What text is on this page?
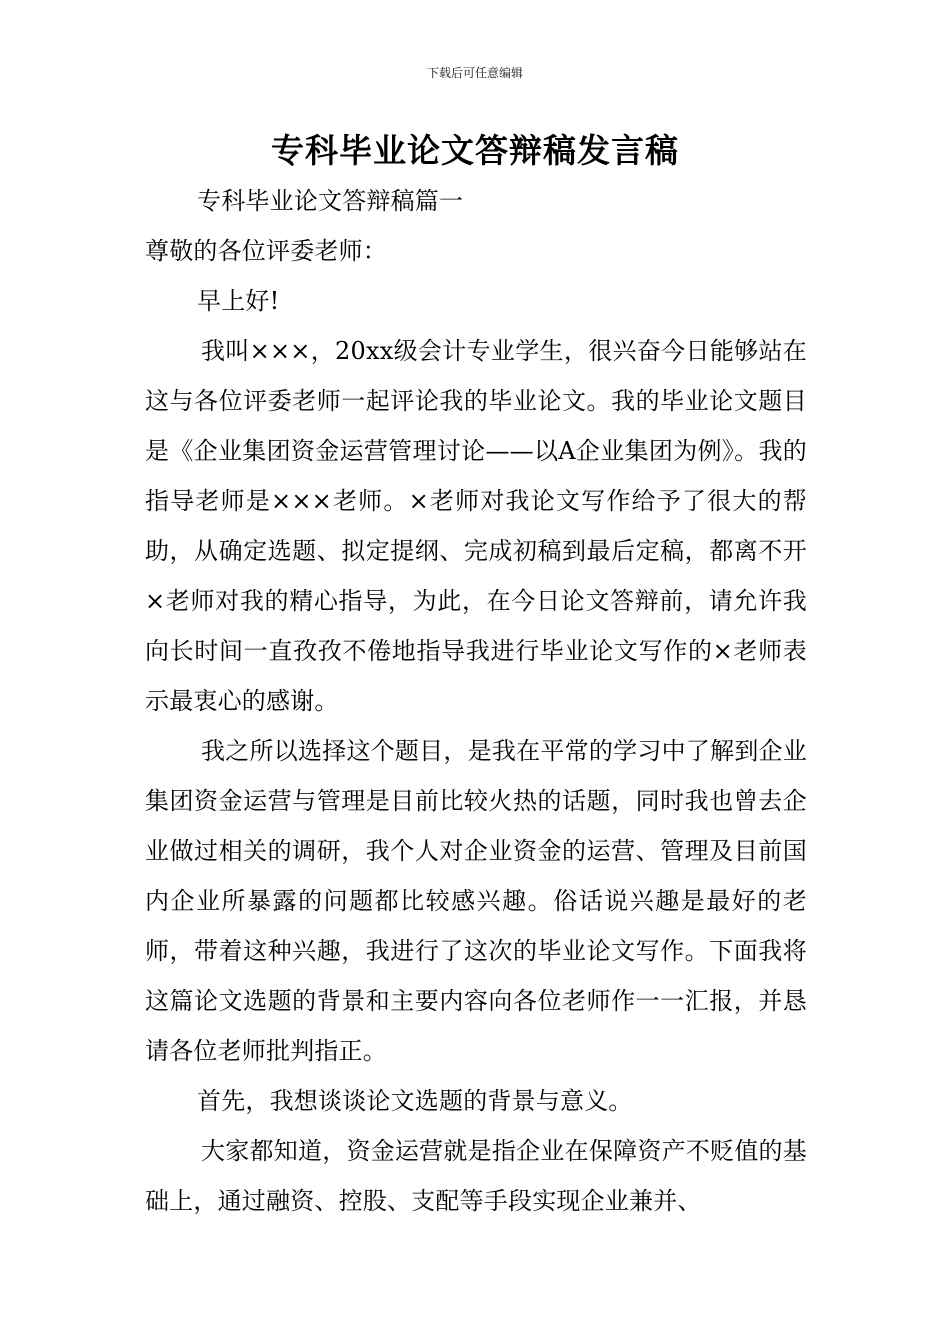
下载后可任意编辑
专科毕业论文答辩稿发言稿

专科毕业论文答辩稿篇一

尊敬的各位评委老师：

早上好!

我叫×××，20xx级会计专业学生，很兴奋今日能够站在这与各位评委老师一起评论我的毕业论文。我的毕业论文题目是《企业集团资金运营管理讨论——以A企业集团为例》。我的指导老师是×××老师。×老师对我论文写作给予了很大的帮助，从确定选题、拟定提纲、完成初稿到最后定稿，都离不开×老师对我的精心指导，为此，在今日论文答辩前，请允许我向长时间一直孜孜不倦地指导我进行毕业论文写作的×老师表示最衷心的感谢。

我之所以选择这个题目，是我在平常的学习中了解到企业集团资金运营与管理是目前比较火热的话题，同时我也曾去企业做过相关的调研，我个人对企业资金的运营、管理及目前国内企业所暴露的问题都比较感兴趣。俗话说兴趣是最好的老师，带着这种兴趣，我进行了这次的毕业论文写作。下面我将这篇论文选题的背景和主要内容向各位老师作一一汇报，并恳请各位老师批判指正。

首先，我想谈谈论文选题的背景与意义。

大家都知道，资金运营就是指企业在保障资产不贬值的基础上，通过融资、控股、支配等手段实现企业兼并、
